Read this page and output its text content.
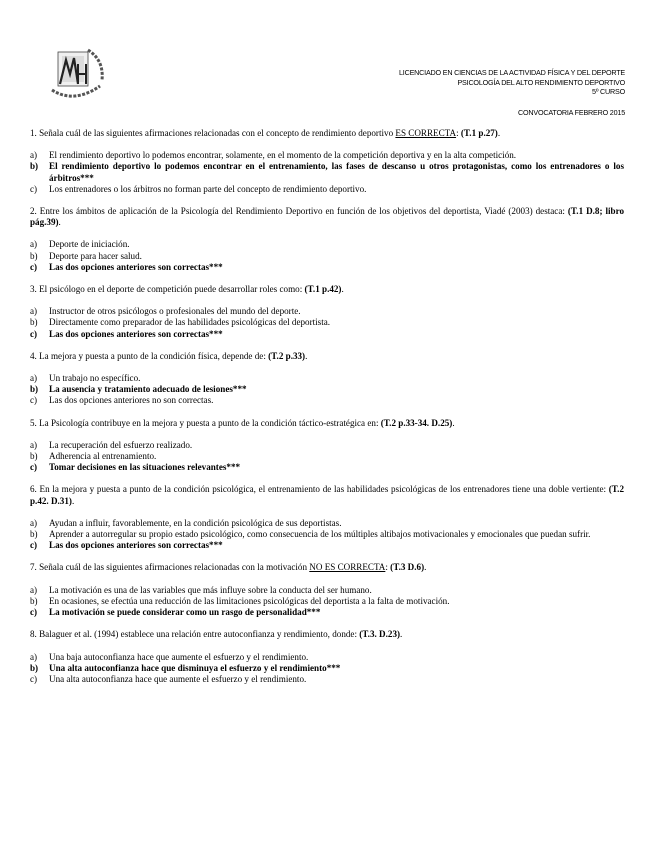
LICENCIADO EN CIENCIAS DE LA ACTIVIDAD FÍSICA Y DEL DEPORTE
PSICOLOGÍA DEL ALTO RENDIMIENTO DEPORTIVO
5º CURSO
CONVOCATORIA FEBRERO 2015

1. Señala cuál de las siguientes afirmaciones relacionadas con el concepto de rendimiento deportivo ES CORRECTA: (T.1 p.27).

a)	El rendimiento deportivo lo podemos encontrar, solamente, en el momento de la competición deportiva y en la alta competición.
b)	El rendimiento deportivo lo podemos encontrar en el entrenamiento, las fases de descanso u otros protagonistas, como los entrenadores o los árbitros***
c)	Los entrenadores o los árbitros no forman parte del concepto de rendimiento deportivo.

2. Entre los ámbitos de aplicación de la Psicología del Rendimiento Deportivo en función de los objetivos del deportista, Viadé (2003) destaca: (T.1 D.8; libro pág.39).

a)	Deporte de iniciación.
b)	Deporte para hacer salud.
c)	Las dos opciones anteriores son correctas***

3. El psicólogo en el deporte de competición puede desarrollar roles como: (T.1 p.42).

a)	Instructor de otros psicólogos o profesionales del mundo del deporte.
b)	Directamente como preparador de las habilidades psicológicas del deportista.
c)	Las dos opciones anteriores son correctas***

4. La mejora y puesta a punto de la condición física, depende de: (T.2 p.33).

a)	Un trabajo no específico.
b)	La ausencia y tratamiento adecuado de lesiones***
c)	Las dos opciones anteriores no son correctas.

5. La Psicología contribuye en la mejora y puesta a punto de la condición táctico-estratégica en: (T.2 p.33-34. D.25).

a)	La recuperación del esfuerzo realizado.
b)	Adherencia al entrenamiento.
c)	Tomar decisiones en las situaciones relevantes***

6. En la mejora y puesta a punto de la condición psicológica, el entrenamiento de las habilidades psicológicas de los entrenadores tiene una doble vertiente: (T.2 p.42. D.31).

a)	Ayudan a influir, favorablemente, en la condición psicológica de sus deportistas.
b)	Aprender a autorregular su propio estado psicológico, como consecuencia de los múltiples altibajos motivacionales y emocionales que puedan sufrir.
c)	Las dos opciones anteriores son correctas***

7. Señala cuál de las siguientes afirmaciones relacionadas con la motivación NO ES CORRECTA: (T.3 D.6).

a)	La motivación es una de las variables que más influye sobre la conducta del ser humano.
b)	En ocasiones, se efectúa una reducción de las limitaciones psicológicas del deportista a la falta de motivación.
c)	La motivación se puede considerar como un rasgo de personalidad***

8. Balaguer et al. (1994) establece una relación entre autoconfianza y rendimiento, donde: (T.3. D.23).

a)	Una baja autoconfianza hace que aumente el esfuerzo y el rendimiento.
b)	Una alta autoconfianza hace que disminuya el esfuerzo y el rendimiento***
c)	Una alta autoconfianza hace que aumente el esfuerzo y el rendimiento.
